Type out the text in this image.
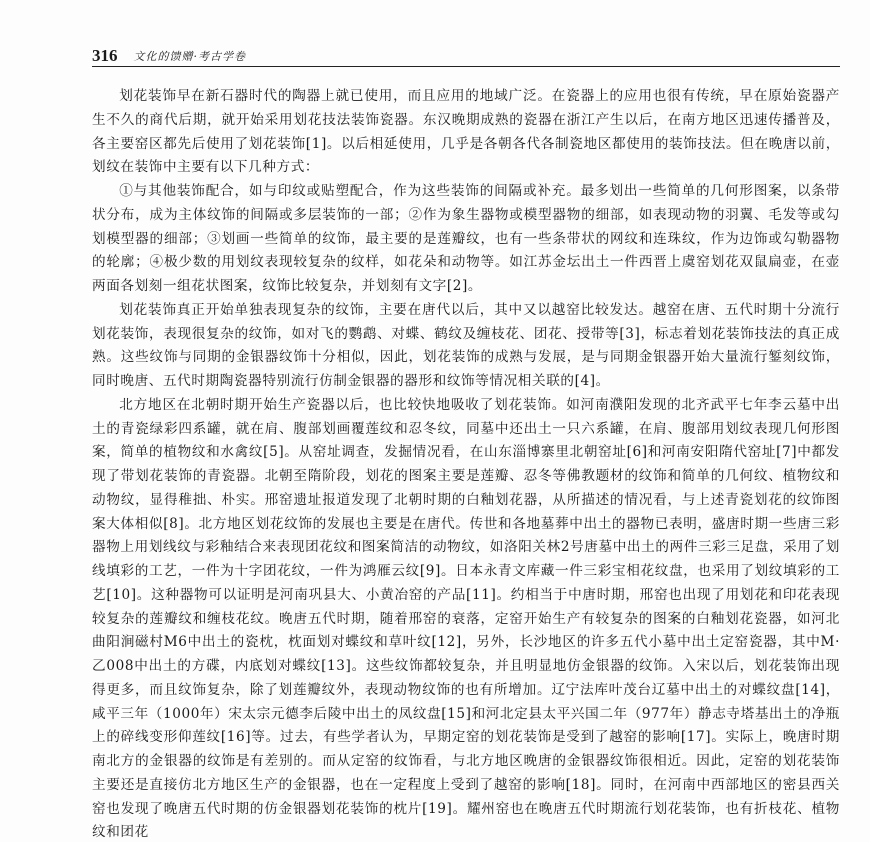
316 文化的馈赠·考古学卷

划花装饰早在新石器时代的陶器上就已使用，而且应用的地域广泛。在瓷器上的应用也很有传统，早在原始瓷器产生不久的商代后期，就开始采用划花技法装饰瓷器。东汉晚期成熟的瓷器在浙江产生以后，在南方地区迅速传播普及，各主要窑区都先后使用了划花装饰[1]。以后相延使用，几乎是各朝各代各制瓷地区都使用的装饰技法。但在晚唐以前，划纹在装饰中主要有以下几种方式：

①与其他装饰配合，如与印纹或贴塑配合，作为这些装饰的间隔或补充。最多划出一些简单的几何形图案，以条带状分布，成为主体纹饰的间隔或多层装饰的一部；②作为象生器物或模型器物的细部，如表现动物的羽翼、毛发等或勾划模型器的细部；③划画一些简单的纹饰，最主要的是莲瓣纹，也有一些条带状的网纹和连珠纹，作为边饰或勾勒器物的轮廓；④极少数的用划纹表现较复杂的纹样，如花朵和动物等。如江苏金坛出土一件西晋上虞窑划花双鼠扁壶，在壶两面各划刻一组花状图案，纹饰比较复杂，并划刻有文字[2]。

划花装饰真正开始单独表现复杂的纹饰，主要在唐代以后，其中又以越窑比较发达。越窑在唐、五代时期十分流行划花装饰，表现很复杂的纹饰，如对飞的鹦鹉、对蝶、鹤纹及缠枝花、团花、授带等[3]，标志着划花装饰技法的真正成熟。这些纹饰与同期的金银器纹饰十分相似，因此，划花装饰的成熟与发展，是与同期金银器开始大量流行錾刻纹饰，同时晚唐、五代时期陶瓷器特别流行仿制金银器的器形和纹饰等情况相关联的[4]。

北方地区在北朝时期开始生产瓷器以后，也比较快地吸收了划花装饰。如河南濮阳发现的北齐武平七年李云墓中出土的青瓷绿彩四系罐，就在肩、腹部划画覆莲纹和忍冬纹，同墓中还出土一只六系罐，在肩、腹部用划纹表现几何形图案，简单的植物纹和水禽纹[5]。从窑址调查，发掘情况看，在山东淄博寨里北朝窑址[6]和河南安阳隋代窑址[7]中都发现了带划花装饰的青瓷器。北朝至隋阶段，划花的图案主要是莲瓣、忍冬等佛教题材的纹饰和简单的几何纹、植物纹和动物纹，显得稚拙、朴实。邢窑遗址报道发现了北朝时期的白釉划花器，从所描述的情况看，与上述青瓷划花的纹饰图案大体相似[8]。北方地区划花纹饰的发展也主要是在唐代。传世和各地墓葬中出土的器物已表明，盛唐时期一些唐三彩器物上用划线纹与彩釉结合来表现团花纹和图案简洁的动物纹，如洛阳关林2号唐墓中出土的两件三彩三足盘，采用了划线填彩的工艺，一件为十字团花纹，一件为鸿雁云纹[9]。日本永青文库藏一件三彩宝相花纹盘，也采用了划纹填彩的工艺[10]。这种器物可以证明是河南巩县大、小黄冶窑的产品[11]。约相当于中唐时期，邢窑也出现了用划花和印花表现较复杂的莲瓣纹和缠枝花纹。晚唐五代时期，随着邢窑的衰落，定窑开始生产有较复杂的图案的白釉划花瓷器，如河北曲阳涧磁村M6中出土的瓷枕，枕面划对蝶纹和草叶纹[12]，另外，长沙地区的许多五代小墓中出土定窑瓷器，其中M·乙008中出土的方碟，内底划对蝶纹[13]。这些纹饰都较复杂，并且明显地仿金银器的纹饰。入宋以后，划花装饰出现得更多，而且纹饰复杂，除了划莲瓣纹外，表现动物纹饰的也有所增加。辽宁法库叶茂台辽墓中出土的对蝶纹盘[14]，咸平三年（1000年）宋太宗元德李后陵中出土的凤纹盘[15]和河北定县太平兴国二年（977年）静志寺塔基出土的净瓶上的碎线变形仰莲纹[16]等。过去，有些学者认为，早期定窑的划花装饰是受到了越窑的影响[17]。实际上，晚唐时期南北方的金银器的纹饰是有差别的。而从定窑的纹饰看，与北方地区晚唐的金银器纹饰很相近。因此，定窑的划花装饰主要还是直接仿北方地区生产的金银器，也在一定程度上受到了越窑的影响[18]。同时，在河南中西部地区的密县西关窑也发现了晚唐五代时期的仿金银器划花装饰的枕片[19]。耀州窑也在晚唐五代时期流行划花装饰，也有折枝花、植物纹和团花
